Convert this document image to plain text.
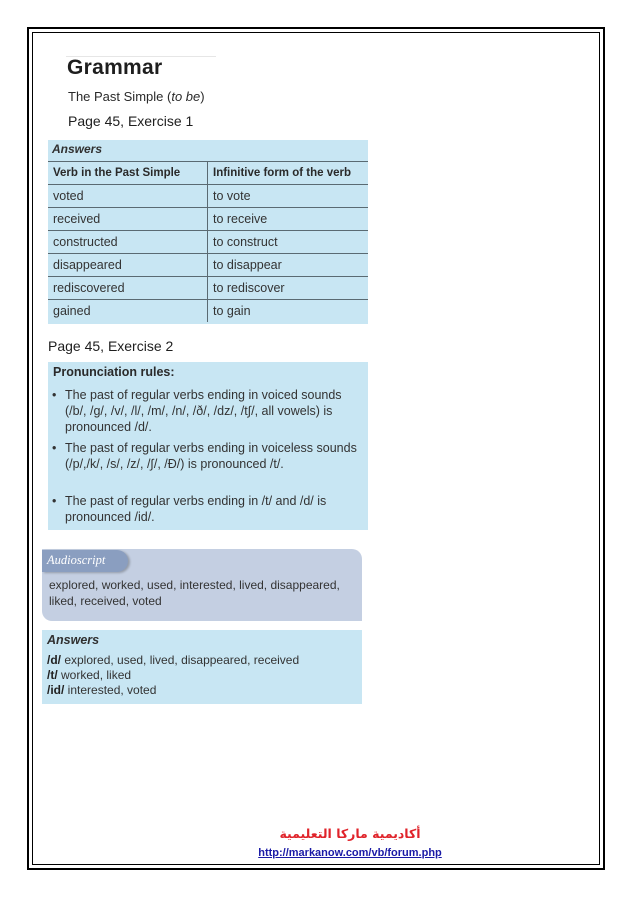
Grammar
The Past Simple (to be)
Page 45, Exercise 1
Answers
Verb in the Past Simple	Infinitive form of the verb
voted	to vote
received	to receive
constructed	to construct
disappeared	to disappear
rediscovered	to rediscover
gained	to gain
Page 45, Exercise 2
Pronunciation rules:
• The past of regular verbs ending in voiced sounds (/b/, /g/, /v/, /l/, /m/, /n/, /ð/, /dz/, /t∫/, all vowels) is pronounced /d/.
• The past of regular verbs ending in voiceless sounds (/p/,/k/, /s/, /z/, /∫/, /Ð/) is pronounced /t/.
• The past of regular verbs ending in /t/ and /d/ is pronounced /id/.
Audioscript
explored, worked, used, interested, lived, disappeared, liked, received, voted
Answers
/d/ explored, used, lived, disappeared, received
/t/ worked, liked
/id/ interested, voted
أكاديمية ماركا التعليمية
http://markanow.com/vb/forum.php
